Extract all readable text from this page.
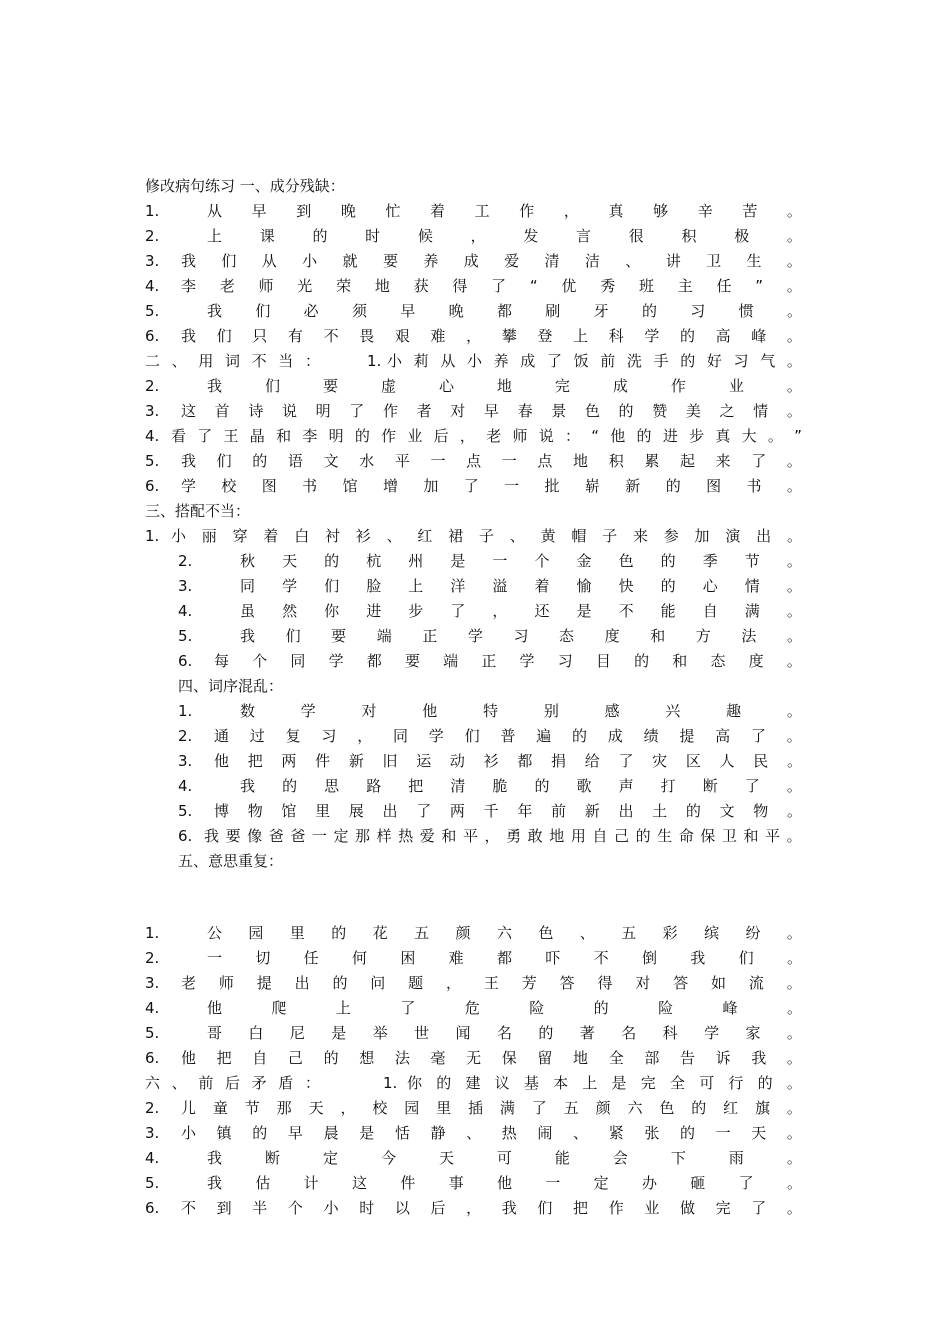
修改病句练习 一、成分残缺：
1.	从 早 到 晚 忙 着 工 作 ， 真 够 辛 苦 。
2.	上	课	的	时	候	，	发	言	很	积	极	。
3. 我 们 从 小 就 要 养 成 爱 清 洁 、 讲 卫 生 。
4. 李 老 师 光 荣 地 获 得 了 “ 优 秀 班 主 任 ” 。
5.	我 们 必 须 早 晚 都 刷 牙 的 习 惯 。
6. 我 们 只 有 不 畏 艰 难 ， 攀 登 上 科 学 的 高 峰 。
二 、 用 词 不 当 ：	1. 小 莉 从 小 养 成 了 饭 前 洗 手 的 好 习 气 。
2.	我	们	要	虚	心	地	完	成	作	业	。
3. 这 首 诗 说 明 了 作 者 对 早 春 景 色 的 赞 美 之 情 。
4. 看 了 王 晶 和 李 明 的 作 业 后 ， 老 师 说 ： “ 他 的 进 步 真 大 。 ”
5. 我 们 的 语 文 水 平 一 点 一 点 地 积 累 起 来 了 。
6. 学 校 图 书 馆 增 加 了 一 批 崭 新 的 图 书 。
三、搭配不当：
1. 小 丽 穿 着 白 衬 衫 、 红 裙 子 、 黄 帽 子 来 参 加 演 出 。
2.	秋 天 的 杭 州 是 一 个 金 色 的 季 节 。
3.	同 学 们 脸 上 洋 溢 着 愉 快 的 心 情 。
4.	虽 然 你 进 步 了 ， 还 是 不 能 自 满 。
5.	我 们 要 端 正 学 习 态 度 和 方 法 。
6. 每 个 同 学 都 要 端 正 学 习 目 的 和 态 度 。
四、词序混乱：
1.	数	学	对	他	特	别	感	兴	趣	。
2. 通 过 复 习 ， 同 学 们 普 遍 的 成 绩 提 高 了 。
3. 他 把 两 件 新 旧 运 动 衫 都 捐 给 了 灾 区 人 民 。
4.	我 的 思 路 把 清 脆 的 歌 声 打 断 了 。
5. 博 物 馆 里 展 出 了 两 千 年 前 新 出 土 的 文 物 。
6. 我 要 像 爸 爸 一 定 那 样 热 爱 和 平 ， 勇 敢 地 用 自 己 的 生 命 保 卫 和 平 。
五、意思重复：
1.	公 园 里 的 花 五 颜 六 色 、 五 彩 缤 纷 。
2.	一 切 任 何 困 难 都 吓 不 倒 我 们 。
3. 老 师 提 出 的 问 题 ， 王 芳 答 得 对 答 如 流 。
4.	他	爬	上	了	危	险	的	险	峰	。
5.	哥 白 尼 是 举 世 闻 名 的 著 名 科 学 家 。
6. 他 把 自 己 的 想 法 毫 无 保 留 地 全 部 告 诉 我 。
六 、 前 后 矛 盾 ：	1. 你 的 建 议 基 本 上 是 完 全 可 行 的 。
2. 儿 童 节 那 天 ， 校 园 里 插 满 了 五 颜 六 色 的 红 旗 。
3. 小 镇 的 早 晨 是 恬 静 、 热 闹 、 紧 张 的 一 天 。
4.	我	断	定	今	天	可	能	会	下	雨	。
5.	我 估 计 这 件 事 他 一 定 办 砸 了 。
6. 不 到 半 个 小 时 以 后 ， 我 们 把 作 业 做 完 了 。
